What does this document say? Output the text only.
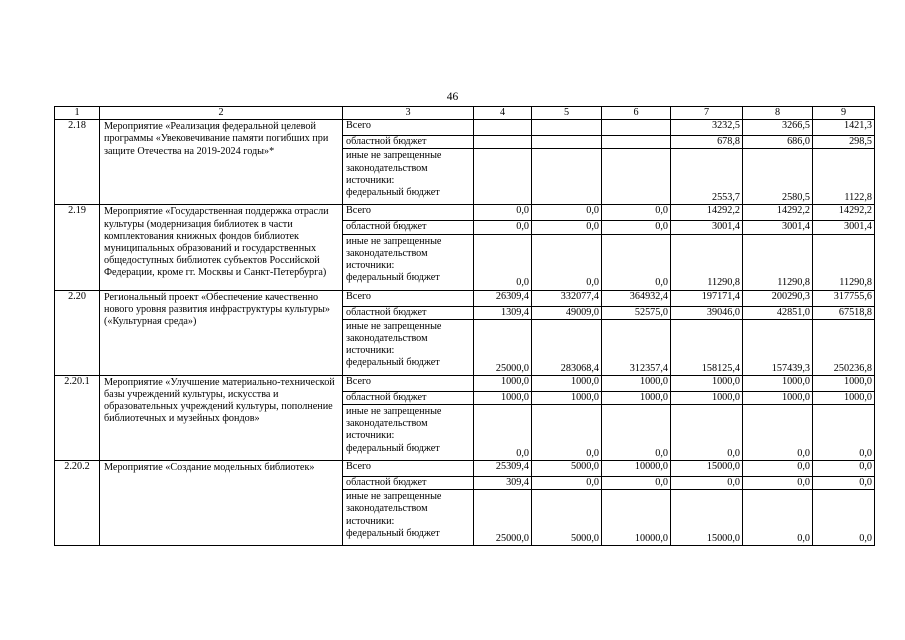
46
1	2	3	4	5	6	7	8	9
2.18	Мероприятие «Реализация федеральной целевой программы «Увековечивание памяти погибших при защите Отечества на 2019-2024 годы»*	Всего				3232,5	3266,5	1421,3
		областной бюджет				678,8	686,0	298,5

		иные не запрещенные
законодательством
источники:
федеральный бюджет				2553,7	2580,5	1122,8
2.19	Мероприятие «Государственная поддержка отрасли культуры (модернизация библиотек в части комплектования книжных фондов библиотек муниципальных образований и государственных общедоступных библиотек субъектов Российской Федерации, кроме гг. Москвы и Санкт-Петербурга)	Всего	0,0	0,0	0,0	14292,2	14292,2	14292,2
		областной бюджет	0,0	0,0	0,0	3001,4	3001,4	3001,4

		иные не запрещенные
законодательством
источники:
федеральный бюджет	0,0	0,0	0,0	11290,8	11290,8	11290,8
2.20	Региональный проект «Обеспечение качественно нового уровня развития инфраструктуры культуры» («Культурная среда»)	Всего	26309,4	332077,4	364932,4	197171,4	200290,3	317755,6
		областной бюджет	1309,4	49009,0	52575,0	39046,0	42851,0	67518,8

		иные не запрещенные
законодательством
источники:
федеральный бюджет	25000,0	283068,4	312357,4	158125,4	157439,3	250236,8
2.20.1	Мероприятие «Улучшение материально-технической базы учреждений культуры, искусства и образовательных учреждений культуры, пополнение библиотечных и музейных фондов»	Всего	1000,0	1000,0	1000,0	1000,0	1000,0	1000,0
		областной бюджет	1000,0	1000,0	1000,0	1000,0	1000,0	1000,0

		иные не запрещенные
законодательством
источники:
федеральный бюджет	0,0	0,0	0,0	0,0	0,0	0,0
2.20.2	Мероприятие «Создание модельных библиотек»	Всего	25309,4	5000,0	10000,0	15000,0	0,0	0,0
		областной бюджет	309,4	0,0	0,0	0,0	0,0	0,0

		иные не запрещенные
законодательством
источники:
федеральный бюджет	25000,0	5000,0	10000,0	15000,0	0,0	0,0
